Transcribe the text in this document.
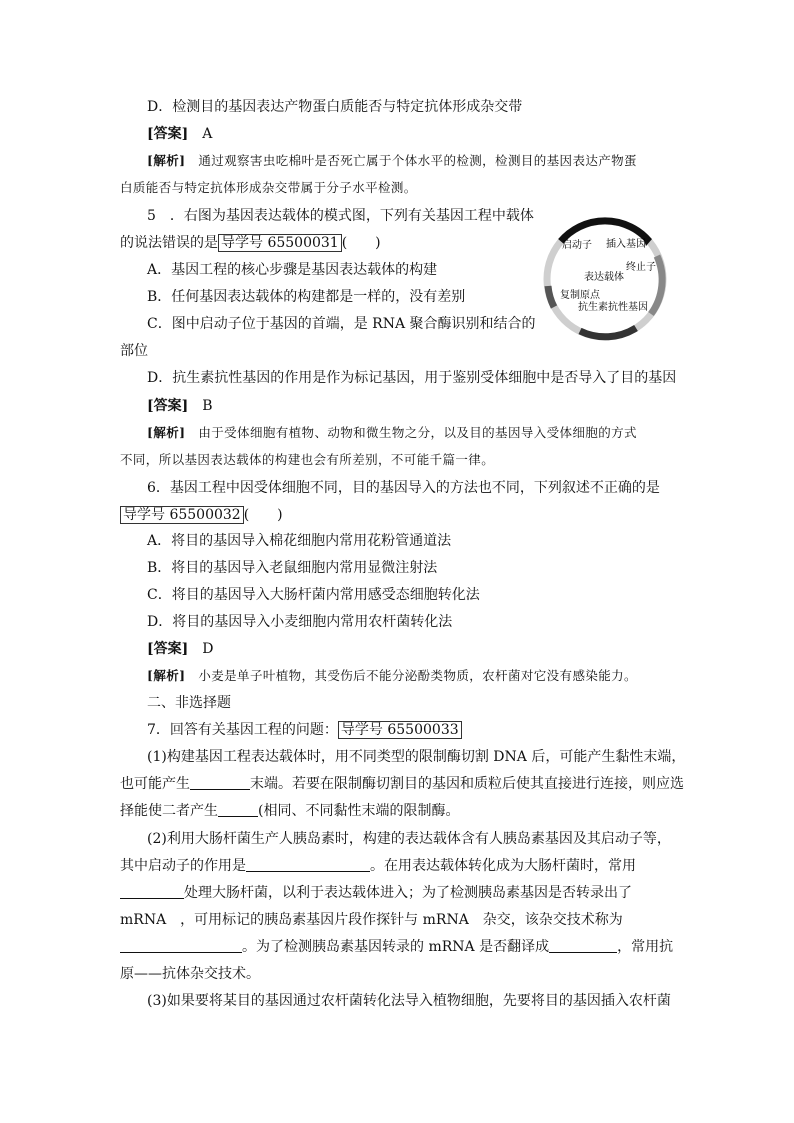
D．检测目的基因表达产物蛋白质能否与特定抗体形成杂交带
[答案]　 A
[解析]　 通过观察害虫吃棉叶是否死亡属于个体水平的检测，检测目的基因表达产物蛋
白质能否与特定抗体形成杂交带属于分子水平检测。
5　．右图为基因表达载体的模式图，下列有关基因工程中载体
的说法错误的是 导学号 65500031 (　　)
A．基因工程的核心步骤是基因表达载体的构建
B．任何基因表达载体的构建都是一样的，没有差别
C．图中启动子位于基因的首端，是 RNA 聚合酶识别和结合的
部位
D．抗生素抗性基因的作用是作为标记基因，用于鉴别受体细胞中是否导入了目的基因
[答案]　 B
[解析]　 由于受体细胞有植物、动物和微生物之分，以及目的基因导入受体细胞的方式
不同，所以基因表达载体的构建也会有所差别，不可能千篇一律。
启动子 插入基因
终止子
表达载体
复制原点
抗生素抗性基因
6．基因工程中因受体细胞不同，目的基因导入的方法也不同，下列叙述不正确的是
导学号 65500032 (　　)
A．将目的基因导入棉花细胞内常用花粉管通道法
B．将目的基因导入老鼠细胞内常用显微注射法
C．将目的基因导入大肠杆菌内常用感受态细胞转化法
D．将目的基因导入小麦细胞内常用农杆菌转化法
[答案]　 D
[解析]　 小麦是单子叶植物，其受伤后不能分泌酚类物质，农杆菌对它没有感染能力。
二、非选择题
7．回答有关基因工程的问题： 导学号 65500033
(1)构建基因工程表达载体时，用不同类型的限制酶切割 DNA 后，可能产生黏性末端，
也可能产生	末端。若要在限制酶切割目的基因和质粒后使其直接进行连接，则应选
择能使二者产生	(相同、不同黏性末端的限制酶。
(2)利用大肠杆菌生产人胰岛素时，构建的表达载体含有人胰岛素基因及其启动子等，
其中启动子的作用是	。在用表达载体转化成为大肠杆菌时，常用
处理大肠杆菌，以利于表达载体进入；为了检测胰岛素基因是否转录出了
mRNA　，可用标记的胰岛素基因片段作探针与 mRNA　杂交，该杂交技术称为
。为了检测胰岛素基因转录的 mRNA 是否翻译成	，常用抗
原——抗体杂交技术。
(3)如果要将某目的基因通过农杆菌转化法导入植物细胞，先要将目的基因插入农杆菌
